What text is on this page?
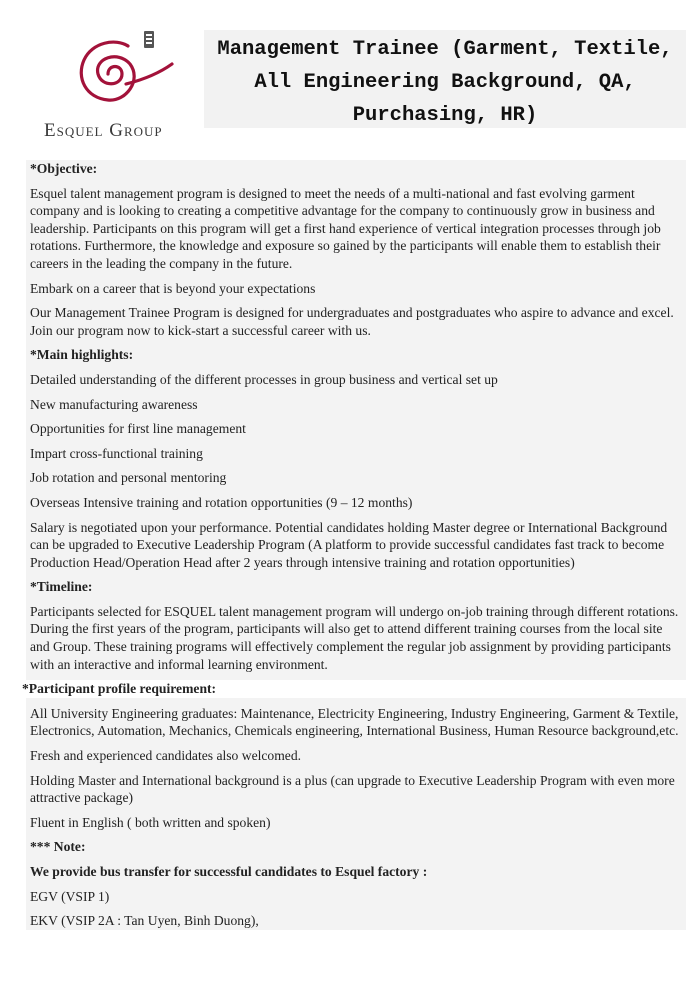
Esquel Group
Management Trainee (Garment, Textile, All Engineering Background, QA, Purchasing, HR)
*Objective:

Esquel talent management program is designed to meet the needs of a multi-national and fast evolving garment company and is looking to creating a competitive advantage for the company to continuously grow in business and leadership. Participants on this program will get a first hand experience of vertical integration processes through job rotations. Furthermore, the knowledge and exposure so gained by the participants will enable them to establish their careers in the leading the company in the future.

Embark on a career that is beyond your expectations

Our Management Trainee Program is designed for undergraduates and postgraduates who aspire to advance and excel. Join our program now to kick-start a successful career with us.

*Main highlights:

Detailed understanding of the different processes in group business and vertical set up

New manufacturing awareness

Opportunities for first line management

Impart cross-functional training

Job rotation and personal mentoring

Overseas Intensive training and rotation opportunities (9 – 12 months)

Salary is negotiated upon your performance. Potential candidates holding Master degree or International Background can be upgraded to Executive Leadership Program (A platform to provide successful candidates fast track to become Production Head/Operation Head after 2 years through intensive training and rotation opportunities)

*Timeline:

Participants selected for ESQUEL talent management program will undergo on-job training through different rotations. During the first years of the program, participants will also get to attend different training courses from the local site and Group. These training programs will effectively complement the regular job assignment by providing participants with an interactive and informal learning environment.

*Participant profile requirement:

All University Engineering graduates: Maintenance, Electricity Engineering, Industry Engineering, Garment & Textile, Electronics, Automation, Mechanics, Chemicals engineering, International Business, Human Resource background,etc.

Fresh and experienced candidates also welcomed.

Holding Master and International background is a plus (can upgrade to Executive Leadership Program with even more attractive package)

Fluent in English ( both written and spoken)

*** Note:
We provide bus transfer for successful candidates to Esquel factory :

EGV (VSIP 1)

EKV (VSIP 2A : Tan Uyen, Binh Duong),
